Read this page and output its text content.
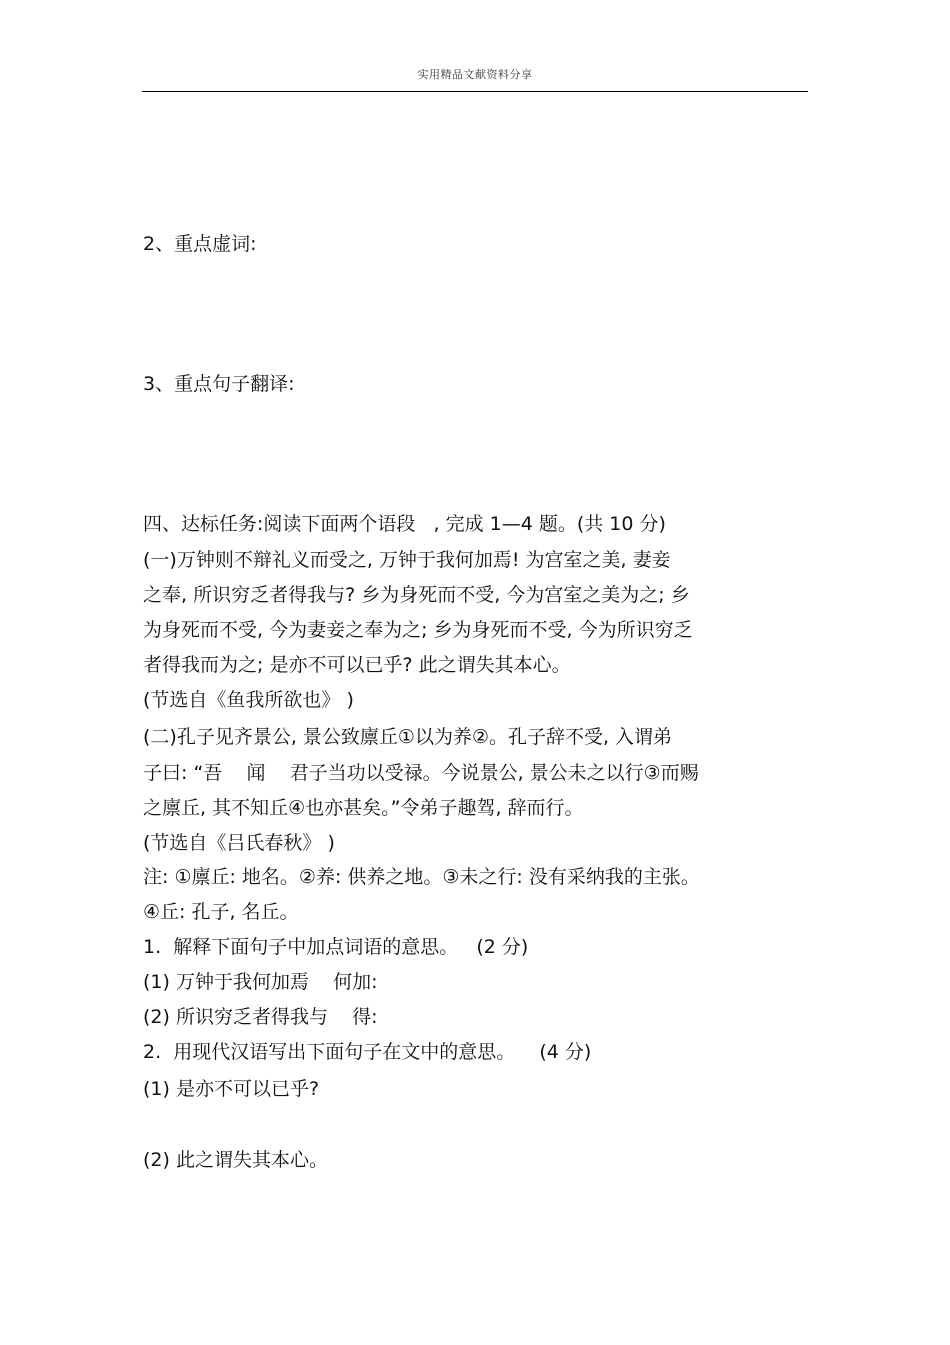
实用精品文献资料分享
2、重点虚词:
3、重点句子翻译:
四、达标任务:阅读下面两个语段   , 完成 1—4 题。(共 10 分)
(一)万钟则不辩礼义而受之, 万钟于我何加焉! 为宫室之美, 妻妾
之奉, 所识穷乏者得我与? 乡为身死而不受, 今为宫室之美为之; 乡
为身死而不受, 今为妻妾之奉为之; 乡为身死而不受, 今为所识穷乏
者得我而为之; 是亦不可以已乎? 此之谓失其本心。
(节选自《鱼我所欲也》 )
(二)孔子见齐景公, 景公致廪丘①以为养②。孔子辞不受, 入谓弟
子曰: “吾    闻    君子当功以受禄。今说景公, 景公未之以行③而赐
之廪丘, 其不知丘④也亦甚矣。”令弟子趣驾, 辞而行。
(节选自《吕氏春秋》 )
注: ①廪丘: 地名。②养: 供养之地。③未之行: 没有采纳我的主张。
④丘: 孔子, 名丘。
1.  解释下面句子中加点词语的意思。   (2 分)
(1) 万钟于我何加焉    何加:
(2) 所识穷乏者得我与    得:
2.  用现代汉语写出下面句子在文中的意思。    (4 分)
(1) 是亦不可以已乎?
(2) 此之谓失其本心。
